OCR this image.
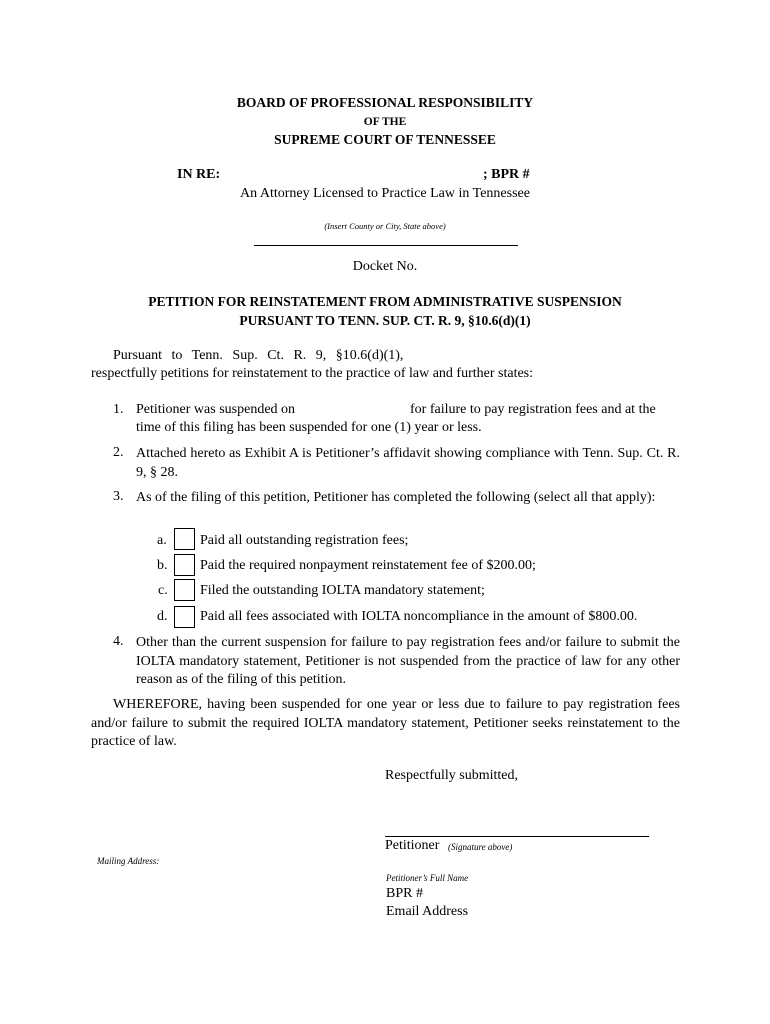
BOARD OF PROFESSIONAL RESPONSIBILITY
OF THE
SUPREME COURT OF TENNESSEE
IN RE:	; BPR #
An Attorney Licensed to Practice Law in Tennessee
(Insert County or City, State above)
Docket No.
PETITION FOR REINSTATEMENT FROM ADMINISTRATIVE SUSPENSION
PURSUANT TO TENN. SUP. CT. R. 9, §10.6(d)(1)
Pursuant to Tenn. Sup. Ct. R. 9, §10.6(d)(1),
respectfully petitions for reinstatement to the practice of law and further states:
1. Petitioner was suspended on	for failure to pay registration fees and at the
time of this filing has been suspended for one (1) year or less.
2. Attached hereto as Exhibit A is Petitioner’s affidavit showing compliance with Tenn. Sup. Ct. R. 9, § 28.
3. As of the filing of this petition, Petitioner has completed the following (select all that apply):
a. Paid all outstanding registration fees;
b. Paid the required nonpayment reinstatement fee of $200.00;
c. Filed the outstanding IOLTA mandatory statement;
d. Paid all fees associated with IOLTA noncompliance in the amount of $800.00.
4. Other than the current suspension for failure to pay registration fees and/or failure to submit the IOLTA mandatory statement, Petitioner is not suspended from the practice of law for any other reason as of the filing of this petition.
WHEREFORE, having been suspended for one year or less due to failure to pay registration fees and/or failure to submit the required IOLTA mandatory statement, Petitioner seeks reinstatement to the practice of law.
Respectfully submitted,
Petitioner (Signature above)
Mailing Address:
Petitioner’s Full Name
BPR #
Email Address
